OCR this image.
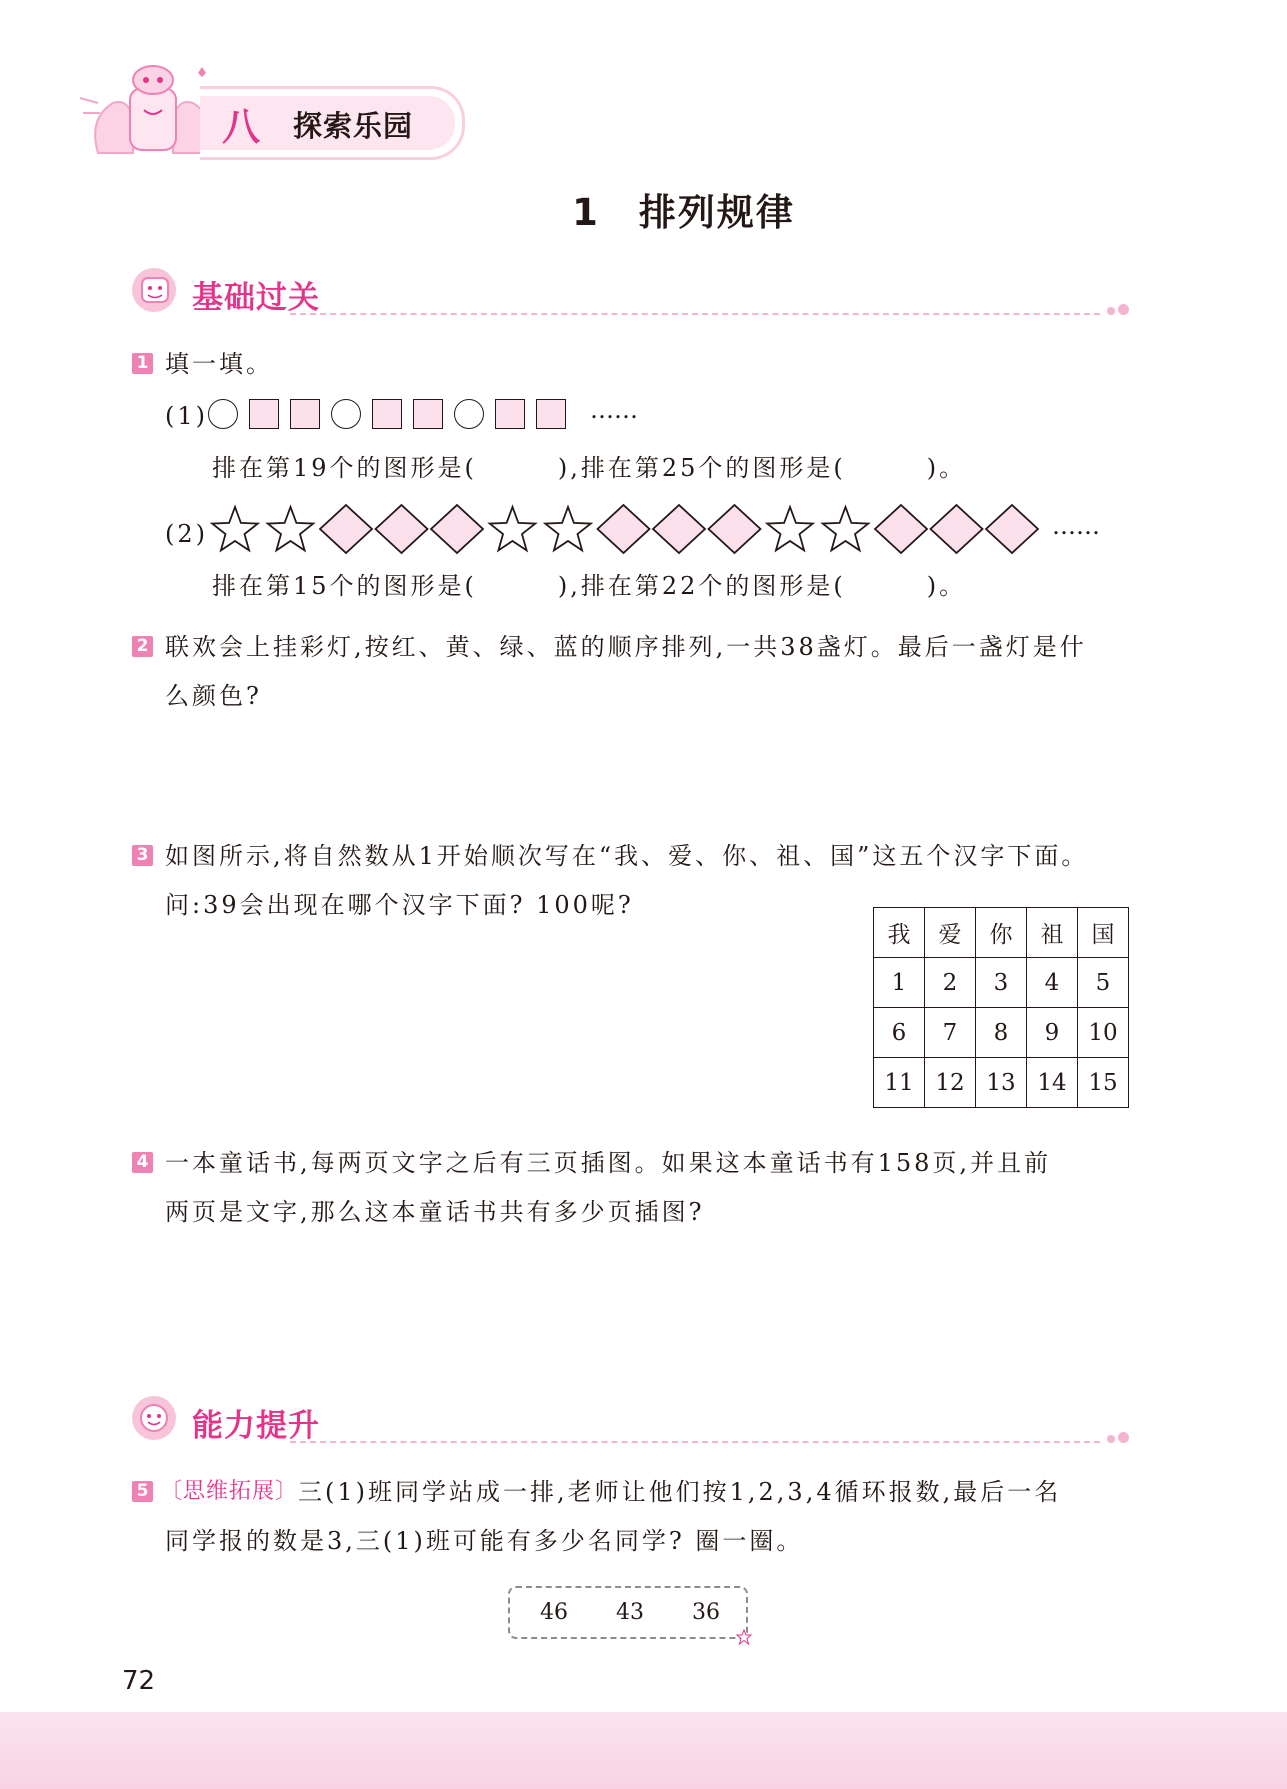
八 探索乐园
1　排列规律
基础过关
1 填一填。
(1)	……
排在第19个的图形是(　　　),排在第25个的图形是(　　　)。
(2)	……
排在第15个的图形是(　　　),排在第22个的图形是(　　　)。
2 联欢会上挂彩灯,按红、黄、绿、蓝的顺序排列,一共38盏灯。最后一盏灯是什
么颜色?
3 如图所示,将自然数从1开始顺次写在“我、爱、你、祖、国”这五个汉字下面。
问:39会出现在哪个汉字下面? 100呢?
我	爱	你	祖	国
1	2	3	4	5
6	7	8	9	10
11	12	13	14	15
4 一本童话书,每两页文字之后有三页插图。如果这本童话书有158页,并且前
两页是文字,那么这本童话书共有多少页插图?
能力提升
5 〔思维拓展〕 三(1)班同学站成一排,老师让他们按1,2,3,4循环报数,最后一名
同学报的数是3,三(1)班可能有多少名同学? 圈一圈。
46 43 36
72
